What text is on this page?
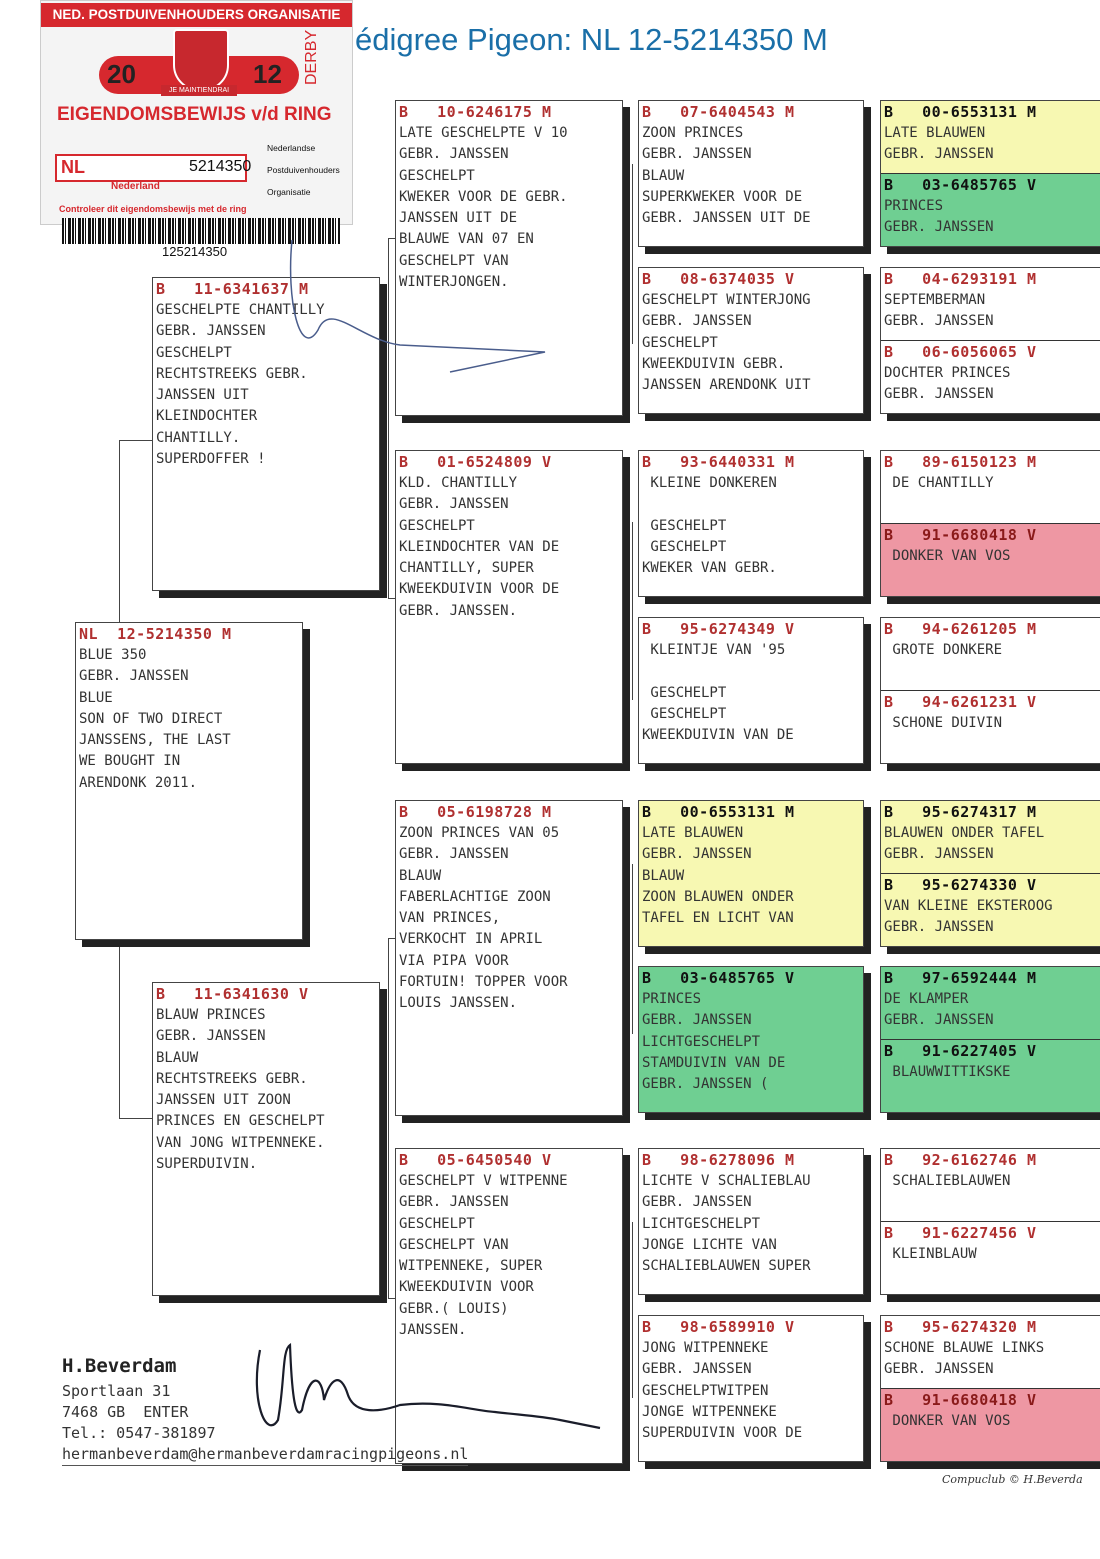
édigree Pigeon: NL 12-5214350 M
NED. POSTDUIVENHOUDERS ORGANISATIE
20	12
JE MAINTIENDRAI
DERBY
EIGENDOMSBEWIJS v/d RING
NL	5214350
Nederland
Nederlandse
Postduivenhouders
Organisatie
Controleer dit eigendomsbewijs met de ring
125214350
NL  12-5214350 M
BLUE 350
GEBR. JANSSEN
BLUE
SON OF TWO DIRECT
JANSSENS, THE LAST
WE BOUGHT IN
ARENDONK 2011.
B   11-6341637 M
GESCHELPTE CHANTILLY
GEBR. JANSSEN
GESCHELPT
RECHTSTREEKS GEBR.
JANSSEN UIT
KLEINDOCHTER
CHANTILLY.
SUPERDOFFER !
B   11-6341630 V
BLAUW PRINCES
GEBR. JANSSEN
BLAUW
RECHTSTREEKS GEBR.
JANSSEN UIT ZOON
PRINCES EN GESCHELPT
VAN JONG WITPENNEKE.
SUPERDUIVIN.
B   10-6246175 M
LATE GESCHELPTE V 10
GEBR. JANSSEN
GESCHELPT
KWEKER VOOR DE GEBR.
JANSSEN UIT DE
BLAUWE VAN 07 EN
GESCHELPT VAN
WINTERJONGEN.
B   01-6524809 V
KLD. CHANTILLY
GEBR. JANSSEN
GESCHELPT
KLEINDOCHTER VAN DE
CHANTILLY, SUPER
KWEEKDUIVIN VOOR DE
GEBR. JANSSEN.
B   05-6198728 M
ZOON PRINCES VAN 05
GEBR. JANSSEN
BLAUW
FABERLACHTIGE ZOON
VAN PRINCES,
VERKOCHT IN APRIL
VIA PIPA VOOR
FORTUIN! TOPPER VOOR
LOUIS JANSSEN.
B   05-6450540 V
GESCHELPT V WITPENNE
GEBR. JANSSEN
GESCHELPT
GESCHELPT VAN
WITPENNEKE, SUPER
KWEEKDUIVIN VOOR
GEBR.( LOUIS)
JANSSEN.
B   07-6404543 M
ZOON PRINCES
GEBR. JANSSEN
BLAUW
SUPERKWEKER VOOR DE
GEBR. JANSSEN UIT DE
B   08-6374035 V
GESCHELPT WINTERJONG
GEBR. JANSSEN
GESCHELPT
KWEEKDUIVIN GEBR.
JANSSEN ARENDONK UIT
B   93-6440331 M
KLEINE DONKEREN

GESCHELPT
GESCHELPT
KWEKER VAN GEBR.
B   95-6274349 V
KLEINTJE VAN '95

GESCHELPT
GESCHELPT
KWEEKDUIVIN VAN DE
B   00-6553131 M
LATE BLAUWEN
GEBR. JANSSEN
BLAUW
ZOON BLAUWEN ONDER
TAFEL EN LICHT VAN
B   03-6485765 V
PRINCES
GEBR. JANSSEN
LICHTGESCHELPT
STAMDUIVIN VAN DE
GEBR. JANSSEN (
B   98-6278096 M
LICHTE V SCHALIEBLAU
GEBR. JANSSEN
LICHTGESCHELPT
JONGE LICHTE VAN
SCHALIEBLAUWEN SUPER
B   98-6589910 V
JONG WITPENNEKE
GEBR. JANSSEN
GESCHELPTWITPEN
JONGE WITPENNEKE
SUPERDUIVIN VOOR DE
B   00-6553131 M
LATE BLAUWEN
GEBR. JANSSEN
B   03-6485765 V
PRINCES
GEBR. JANSSEN
B   04-6293191 M
SEPTEMBERMAN
GEBR. JANSSEN
B   06-6056065 V
DOCHTER PRINCES
GEBR. JANSSEN
B   89-6150123 M
DE CHANTILLY
B   91-6680418 V
DONKER VAN VOS
B   94-6261205 M
GROTE DONKERE
B   94-6261231 V
SCHONE DUIVIN
B   95-6274317 M
BLAUWEN ONDER TAFEL
GEBR. JANSSEN
B   95-6274330 V
VAN KLEINE EKSTEROOG
GEBR. JANSSEN
B   97-6592444 M
DE KLAMPER
GEBR. JANSSEN
B   91-6227405 V
BLAUWWITTIKSKE
B   92-6162746 M
SCHALIEBLAUWEN
B   91-6227456 V
KLEINBLAUW
B   95-6274320 M
SCHONE BLAUWE LINKS
GEBR. JANSSEN
B   91-6680418 V
DONKER VAN VOS
H.Beverdam
Sportlaan 31
7468 GB  ENTER
Tel.: 0547-381897
hermanbeverdam@hermanbeverdamracingpigeons.nl
Compuclub © H.Beverda
